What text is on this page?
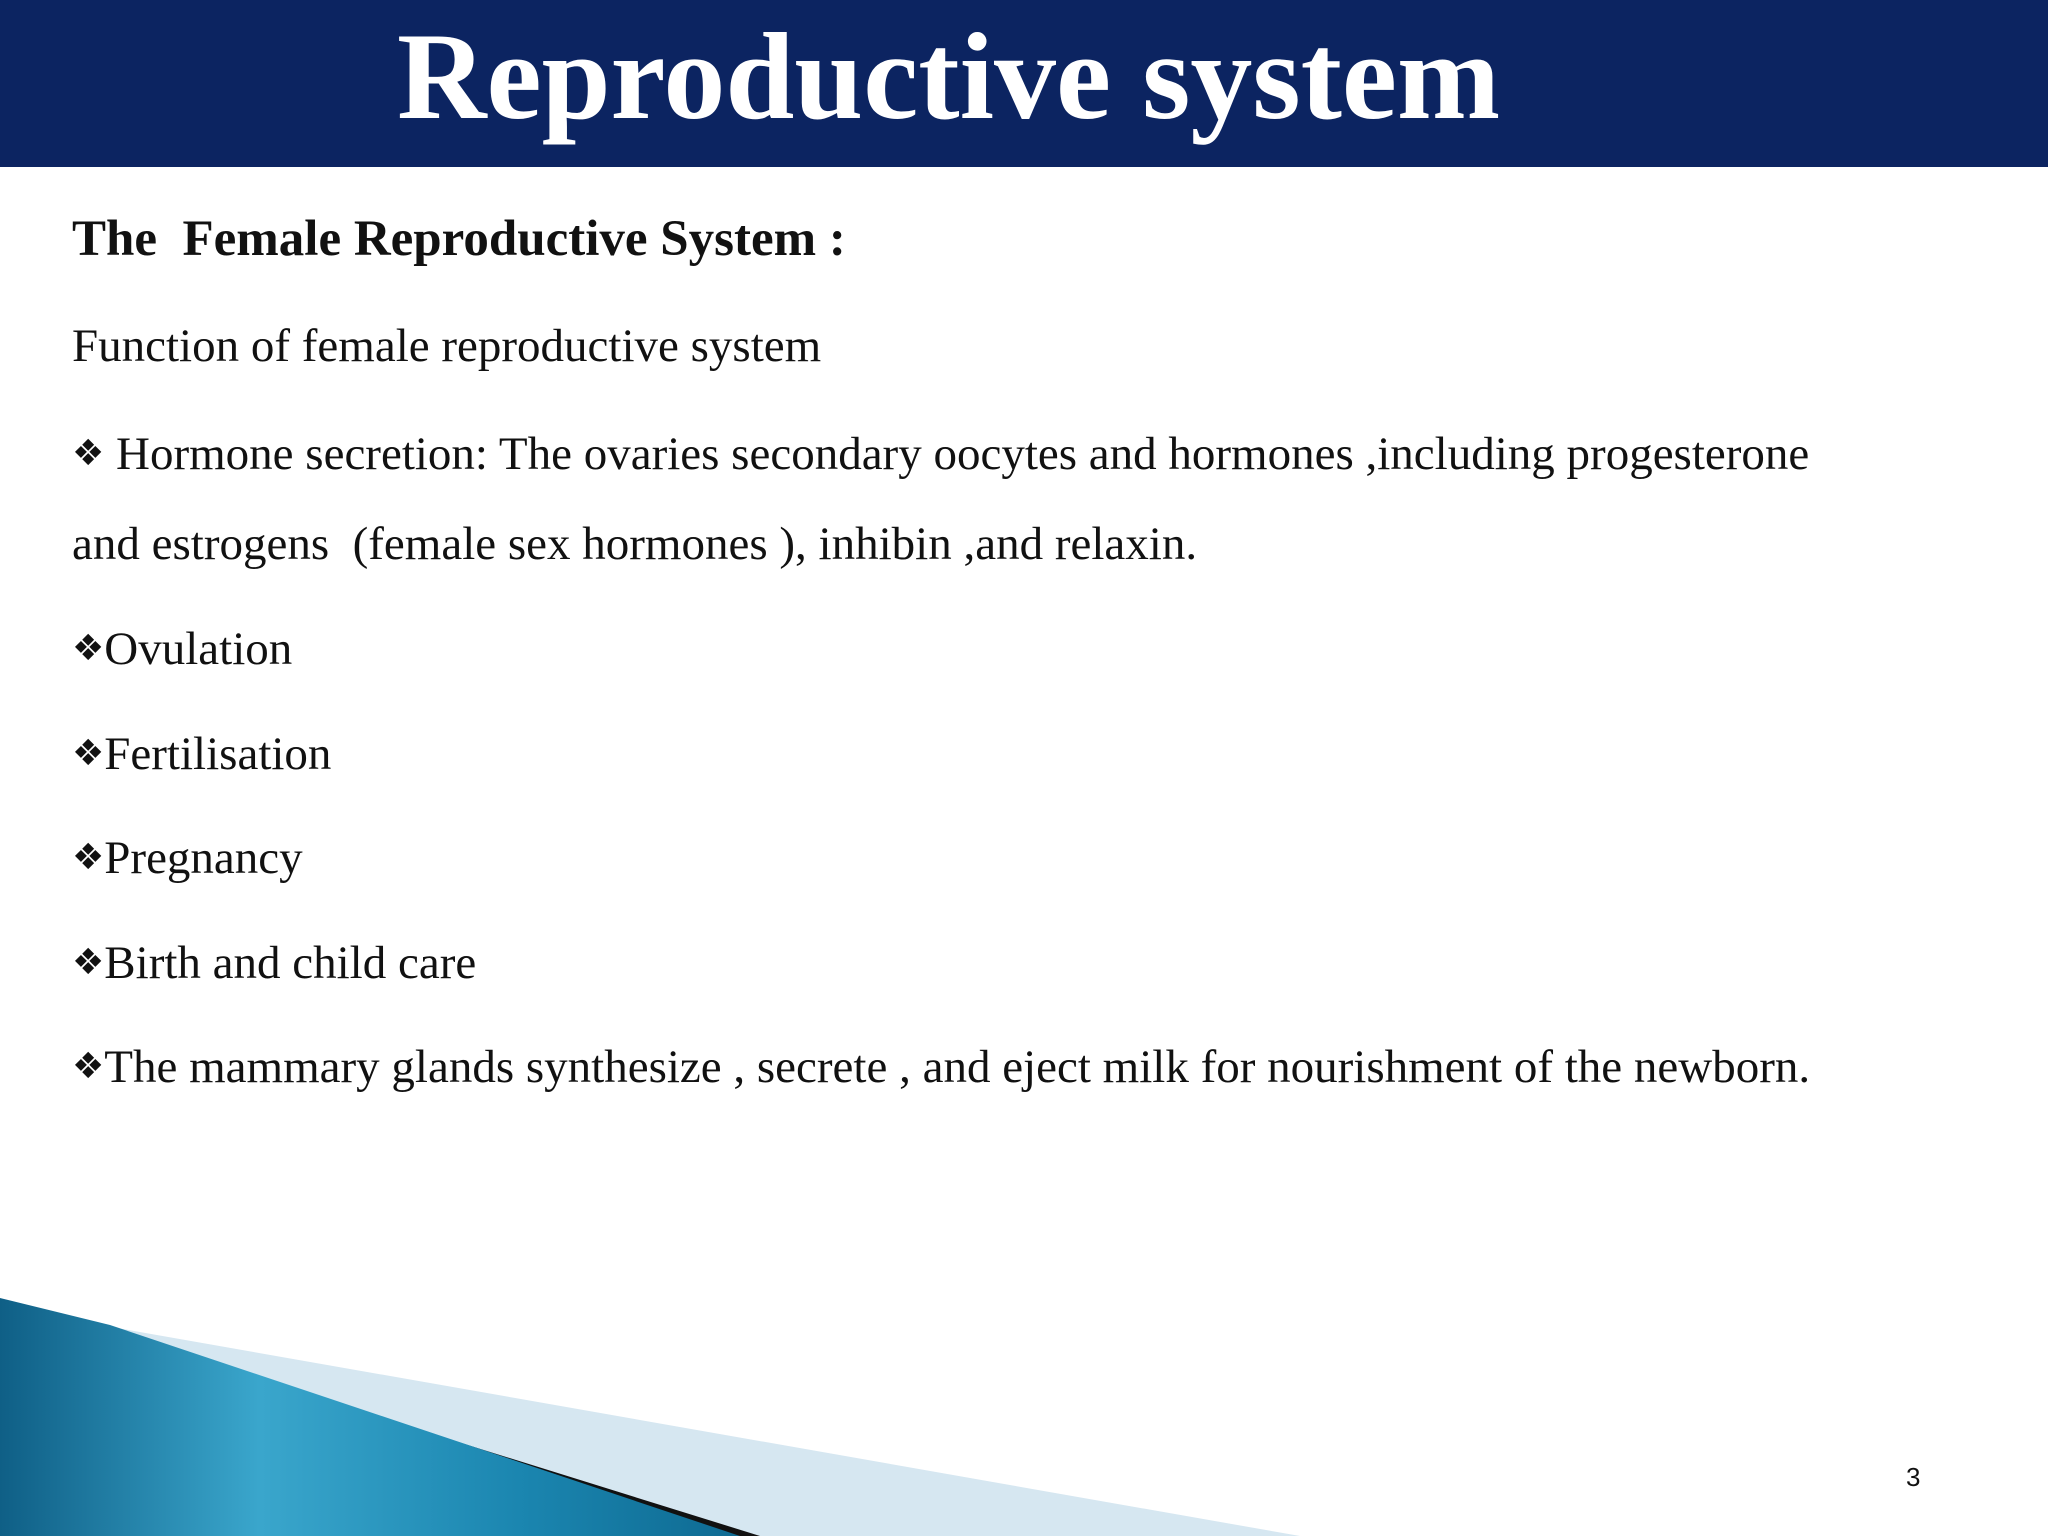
Reproductive system

The  Female Reproductive System :

Function of female reproductive system

❖ Hormone secretion: The ovaries secondary oocytes and hormones ,including progesterone

and estrogens  (female sex hormones ), inhibin ,and relaxin.

❖Ovulation

❖Fertilisation

❖Pregnancy

❖Birth and child care

❖The mammary glands synthesize , secrete , and eject milk for nourishment of the newborn.

3
